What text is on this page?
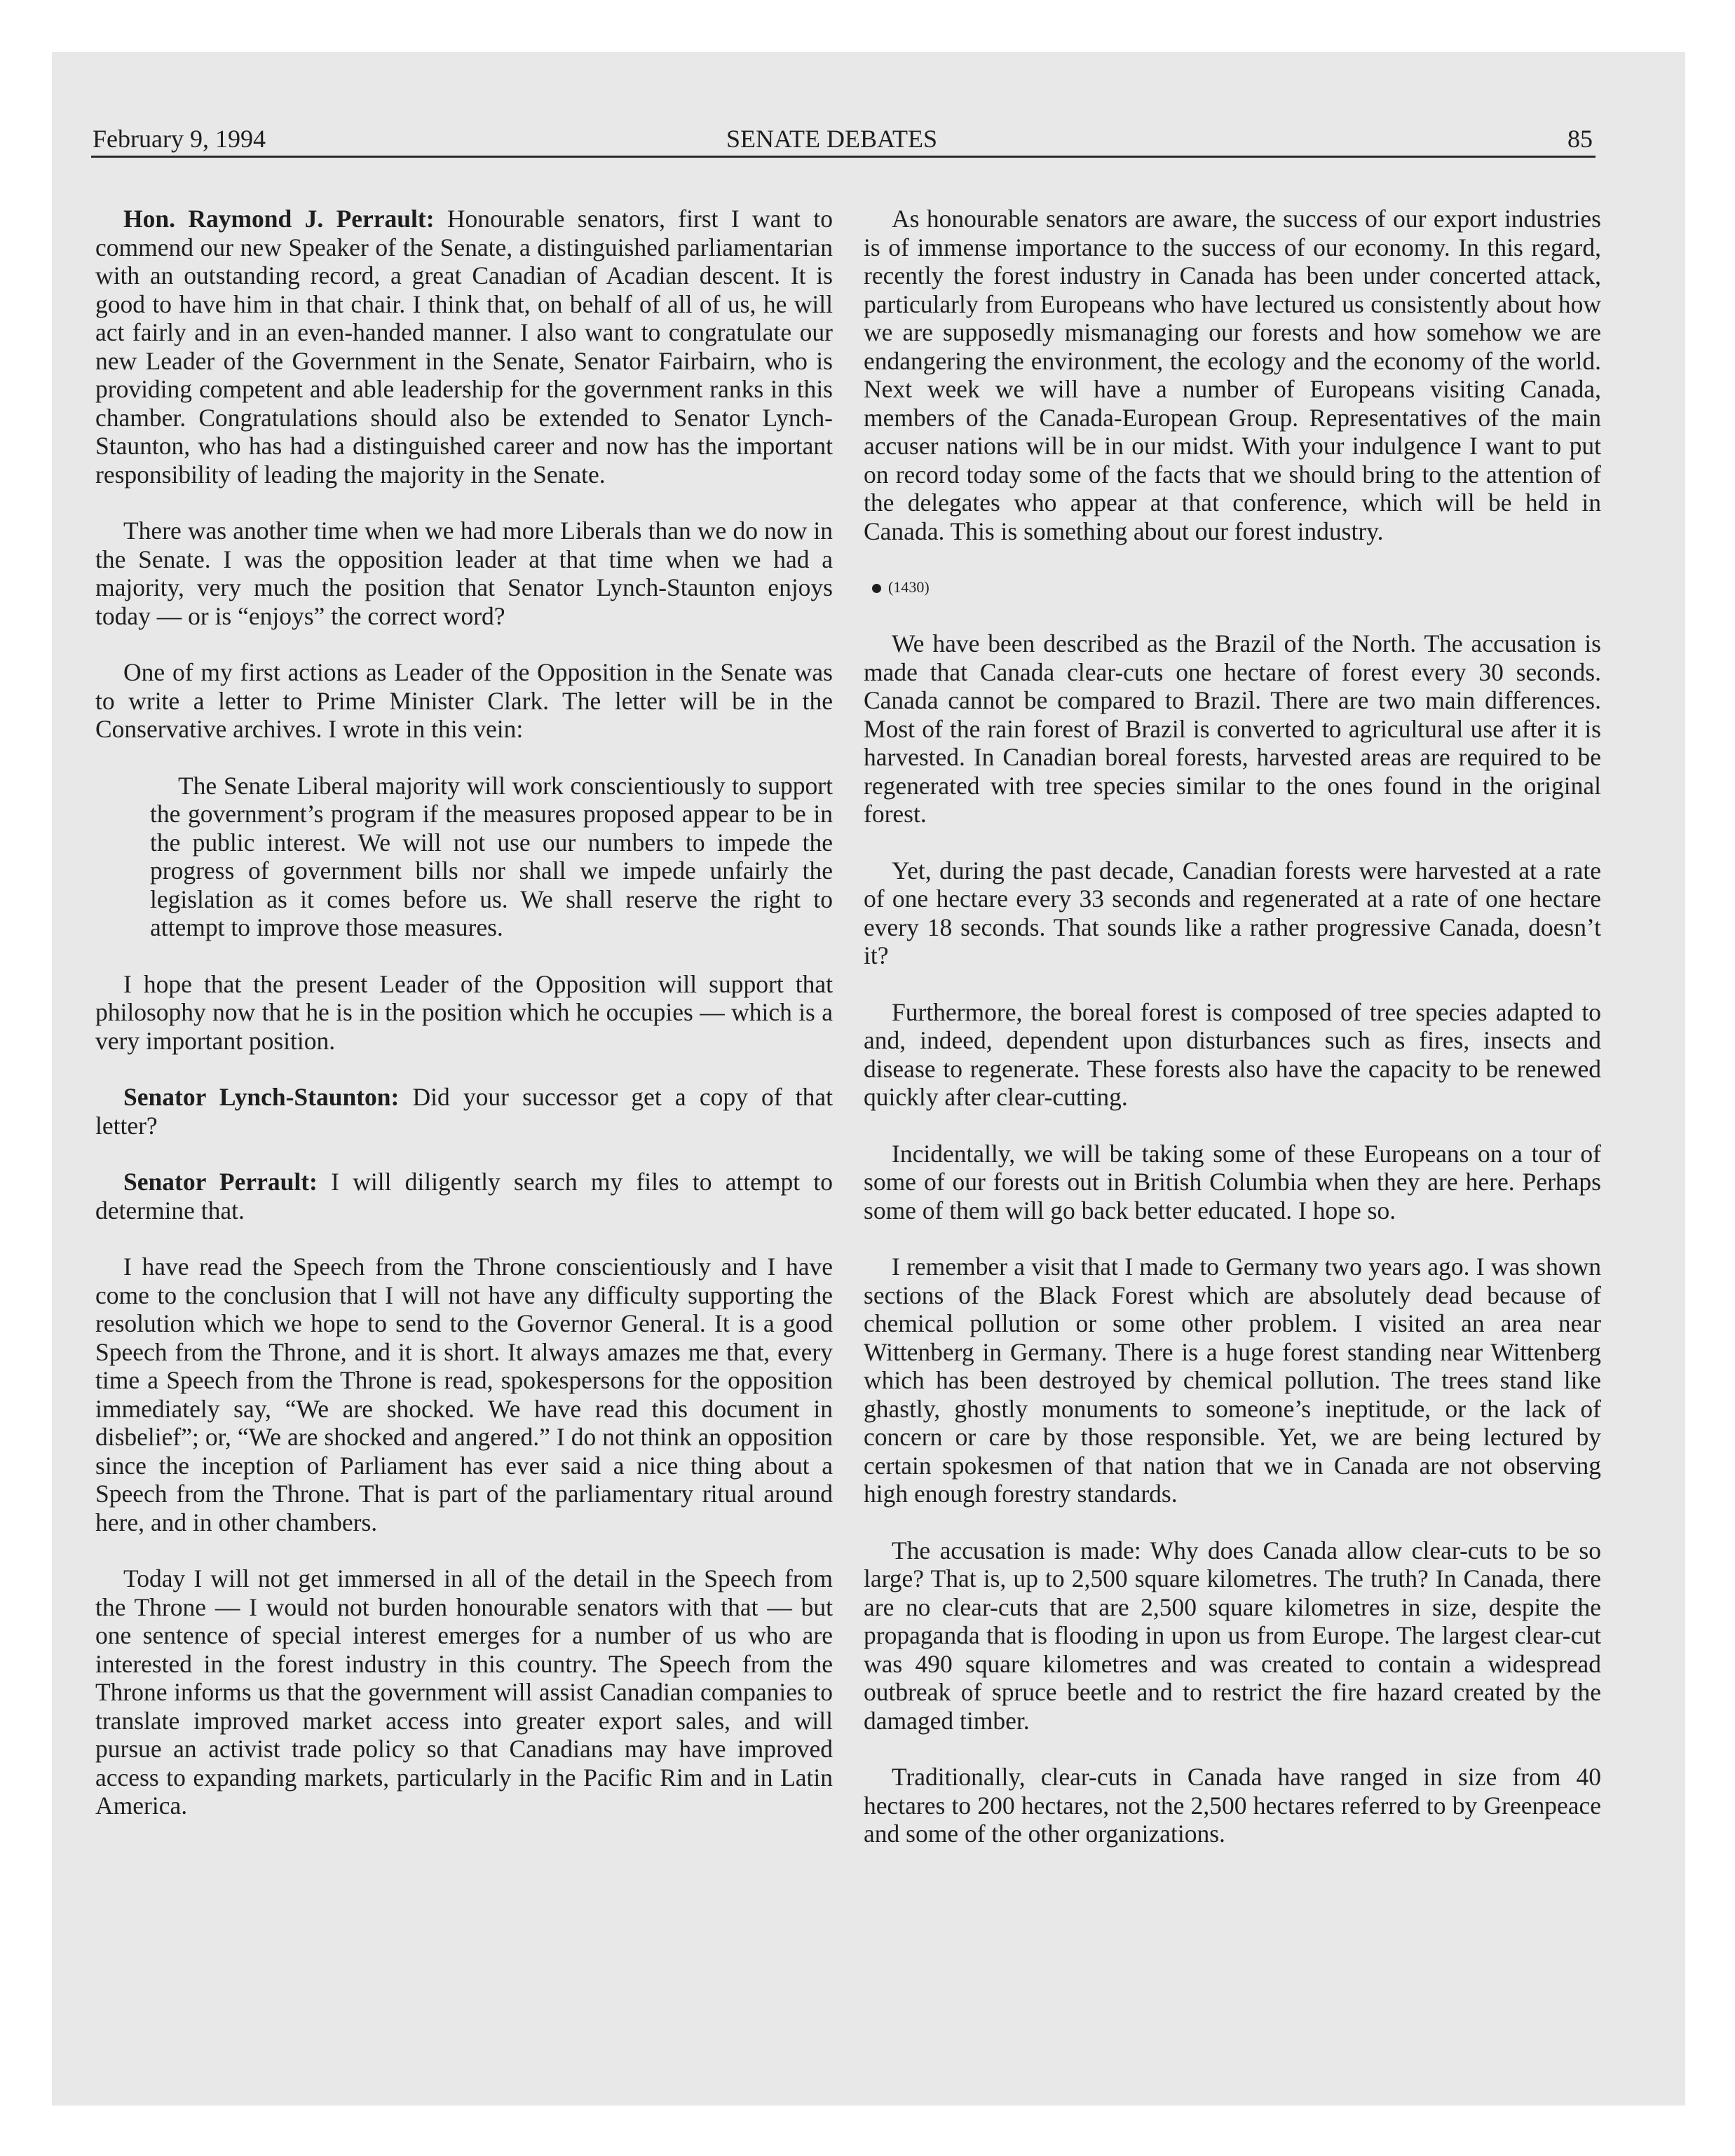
February 9, 1994	SENATE DEBATES	85

Hon. Raymond J. Perrault: Honourable senators, first I want to commend our new Speaker of the Senate, a distinguished parliamentarian with an outstanding record, a great Canadian of Acadian descent. It is good to have him in that chair. I think that, on behalf of all of us, he will act fairly and in an even-handed manner. I also want to congratulate our new Leader of the Government in the Senate, Senator Fairbairn, who is providing competent and able leadership for the government ranks in this chamber. Congratulations should also be extended to Senator Lynch-Staunton, who has had a distinguished career and now has the important responsibility of leading the majority in the Senate.

There was another time when we had more Liberals than we do now in the Senate. I was the opposition leader at that time when we had a majority, very much the position that Senator Lynch-Staunton enjoys today — or is “enjoys” the correct word?

One of my first actions as Leader of the Opposition in the Senate was to write a letter to Prime Minister Clark. The letter will be in the Conservative archives. I wrote in this vein:

The Senate Liberal majority will work conscientiously to support the government’s program if the measures proposed appear to be in the public interest. We will not use our numbers to impede the progress of government bills nor shall we impede unfairly the legislation as it comes before us. We shall reserve the right to attempt to improve those measures.

I hope that the present Leader of the Opposition will support that philosophy now that he is in the position which he occupies — which is a very important position.

Senator Lynch-Staunton: Did your successor get a copy of that letter?

Senator Perrault: I will diligently search my files to attempt to determine that.

I have read the Speech from the Throne conscientiously and I have come to the conclusion that I will not have any difficulty supporting the resolution which we hope to send to the Governor General. It is a good Speech from the Throne, and it is short. It always amazes me that, every time a Speech from the Throne is read, spokespersons for the opposition immediately say, “We are shocked. We have read this document in disbelief”; or, “We are shocked and angered.” I do not think an opposition since the inception of Parliament has ever said a nice thing about a Speech from the Throne. That is part of the parliamentary ritual around here, and in other chambers.

Today I will not get immersed in all of the detail in the Speech from the Throne — I would not burden honourable senators with that — but one sentence of special interest emerges for a number of us who are interested in the forest industry in this country. The Speech from the Throne informs us that the government will assist Canadian companies to translate improved market access into greater export sales, and will pursue an activist trade policy so that Canadians may have improved access to expanding markets, particularly in the Pacific Rim and in Latin America.

As honourable senators are aware, the success of our export industries is of immense importance to the success of our economy. In this regard, recently the forest industry in Canada has been under concerted attack, particularly from Europeans who have lectured us consistently about how we are supposedly mismanaging our forests and how somehow we are endangering the environment, the ecology and the economy of the world. Next week we will have a number of Europeans visiting Canada, members of the Canada-European Group. Representatives of the main accuser nations will be in our midst. With your indulgence I want to put on record today some of the facts that we should bring to the attention of the delegates who appear at that conference, which will be held in Canada. This is something about our forest industry.

(1430)

We have been described as the Brazil of the North. The accusation is made that Canada clear-cuts one hectare of forest every 30 seconds. Canada cannot be compared to Brazil. There are two main differences. Most of the rain forest of Brazil is converted to agricultural use after it is harvested. In Canadian boreal forests, harvested areas are required to be regenerated with tree species similar to the ones found in the original forest.

Yet, during the past decade, Canadian forests were harvested at a rate of one hectare every 33 seconds and regenerated at a rate of one hectare every 18 seconds. That sounds like a rather progressive Canada, doesn’t it?

Furthermore, the boreal forest is composed of tree species adapted to and, indeed, dependent upon disturbances such as fires, insects and disease to regenerate. These forests also have the capacity to be renewed quickly after clear-cutting.

Incidentally, we will be taking some of these Europeans on a tour of some of our forests out in British Columbia when they are here. Perhaps some of them will go back better educated. I hope so.

I remember a visit that I made to Germany two years ago. I was shown sections of the Black Forest which are absolutely dead because of chemical pollution or some other problem. I visited an area near Wittenberg in Germany. There is a huge forest standing near Wittenberg which has been destroyed by chemical pollution. The trees stand like ghastly, ghostly monuments to someone’s ineptitude, or the lack of concern or care by those responsible. Yet, we are being lectured by certain spokesmen of that nation that we in Canada are not observing high enough forestry standards.

The accusation is made: Why does Canada allow clear-cuts to be so large? That is, up to 2,500 square kilometres. The truth? In Canada, there are no clear-cuts that are 2,500 square kilometres in size, despite the propaganda that is flooding in upon us from Europe. The largest clear-cut was 490 square kilometres and was created to contain a widespread outbreak of spruce beetle and to restrict the fire hazard created by the damaged timber.

Traditionally, clear-cuts in Canada have ranged in size from 40 hectares to 200 hectares, not the 2,500 hectares referred to by Greenpeace and some of the other organizations.
